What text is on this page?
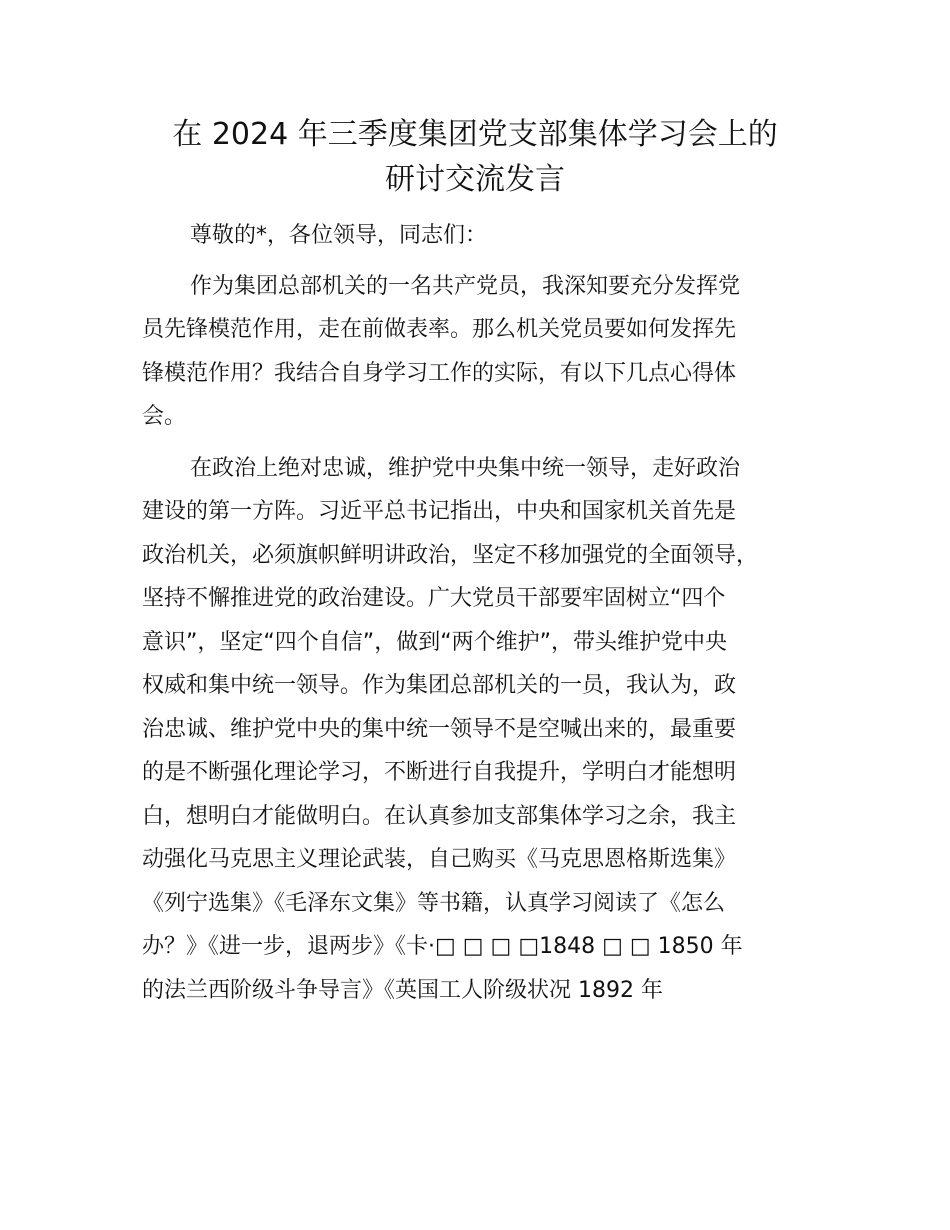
在 2024 年三季度集团党支部集体学习会上的
研讨交流发言

尊敬的*，各位领导，同志们：

作为集团总部机关的一名共产党员，我深知要充分发挥党

员先锋模范作用，走在前做表率。那么机关党员要如何发挥先

锋模范作用？我结合自身学习工作的实际，有以下几点心得体

会。

在政治上绝对忠诚，维护党中央集中统一领导，走好政治

建设的第一方阵。习近平总书记指出，中央和国家机关首先是

政治机关，必须旗帜鲜明讲政治，坚定不移加强党的全面领导，

坚持不懈推进党的政治建设。广大党员干部要牢固树立“四个

意识”，坚定“四个自信”，做到“两个维护”，带头维护党中央

权威和集中统一领导。作为集团总部机关的一员，我认为，政

治忠诚、维护党中央的集中统一领导不是空喊出来的，最重要

的是不断强化理论学习，不断进行自我提升，学明白才能想明

白，想明白才能做明白。在认真参加支部集体学习之余，我主

动强化马克思主义理论武装，自己购买《马克思恩格斯选集》

《列宁选集》《毛泽东文集》等书籍，认真学习阅读了《怎么

办？》《进一步，退两步》《卡·□ □ □ □1848 □ □ 1850 年

的法兰西阶级斗争导言》《英国工人阶级状况 1892 年
